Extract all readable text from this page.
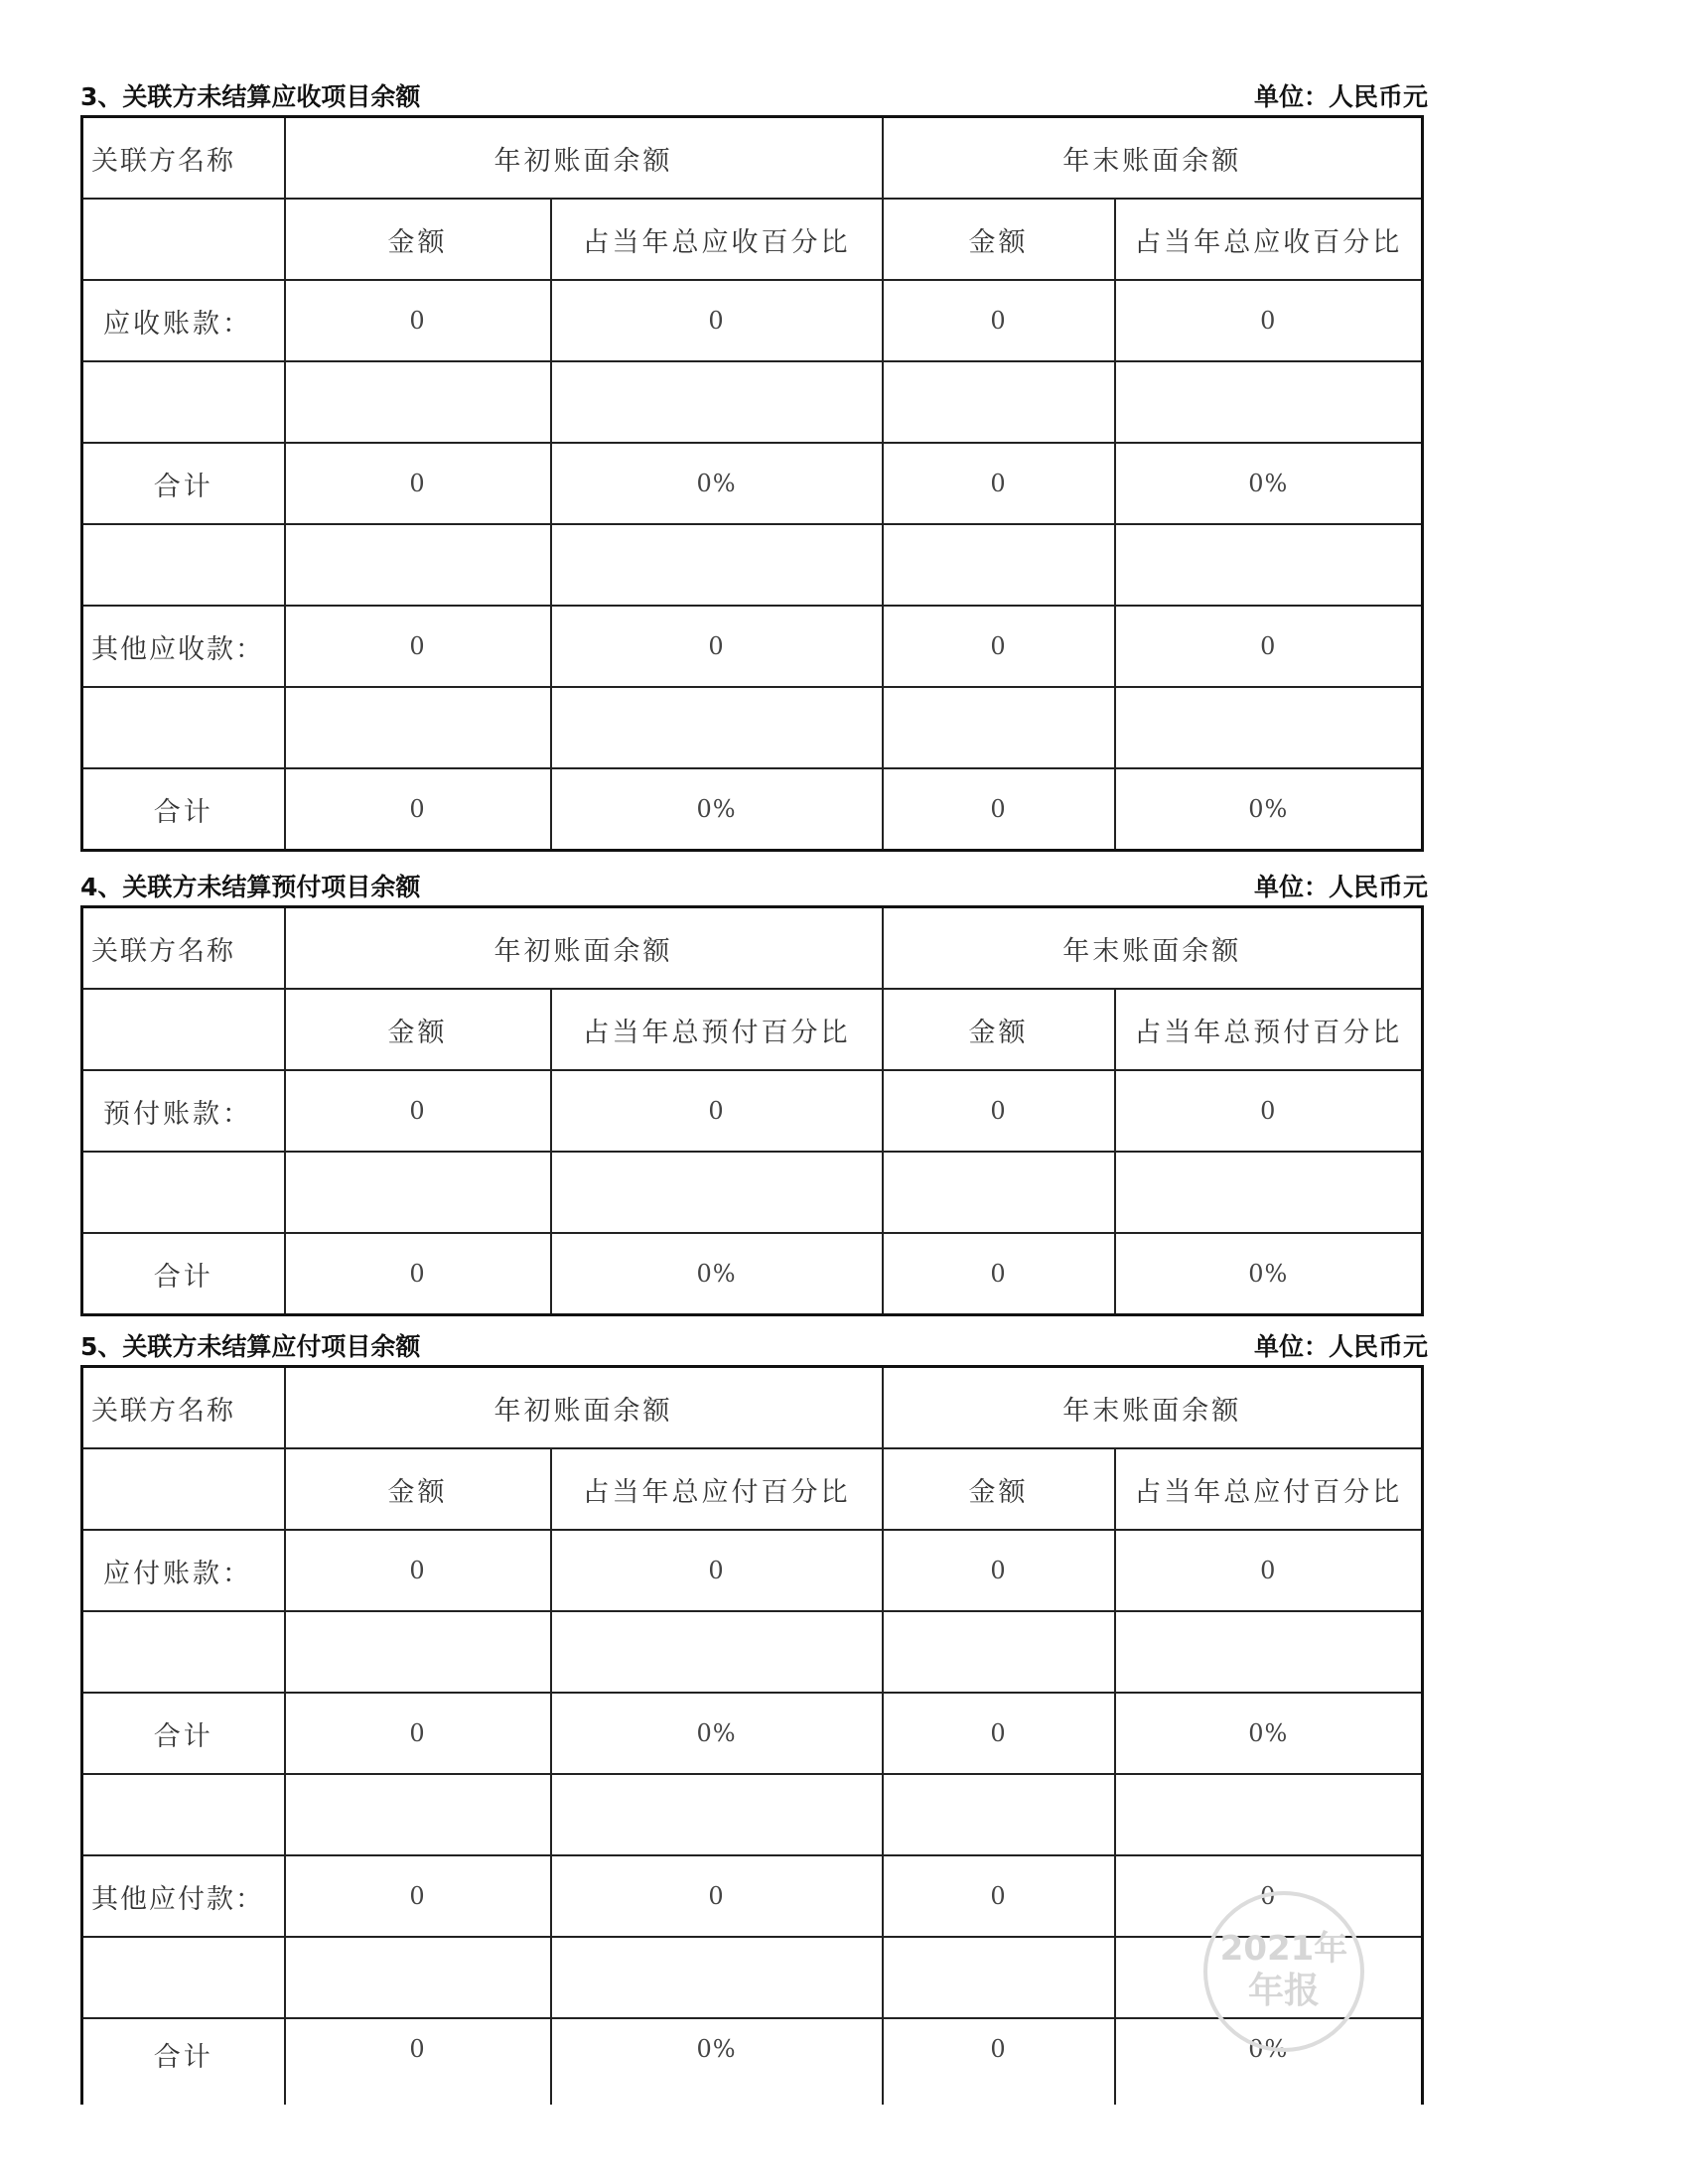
3、关联方未结算应收项目余额	单位：人民币元
关联方名称	年初账面余额		年末账面余额	
	金额	占当年总应收百分比	金额	占当年总应收百分比
应收账款：	0	0	0	0

合计	0	0%	0	0%

其他应收款：	0	0	0	0

合计	0	0%	0	0%
4、关联方未结算预付项目余额	单位：人民币元
关联方名称	年初账面余额		年末账面余额	
	金额	占当年总预付百分比	金额	占当年总预付百分比
预付账款：	0	0	0	0

合计	0	0%	0	0%
5、关联方未结算应付项目余额	单位：人民币元
关联方名称	年初账面余额		年末账面余额	
	金额	占当年总应付百分比	金额	占当年总应付百分比
应付账款：	0	0	0	0

合计	0	0%	0	0%

其他应付款：	0	0	0	0

合计	0	0%	0	0%
2021年
年报
